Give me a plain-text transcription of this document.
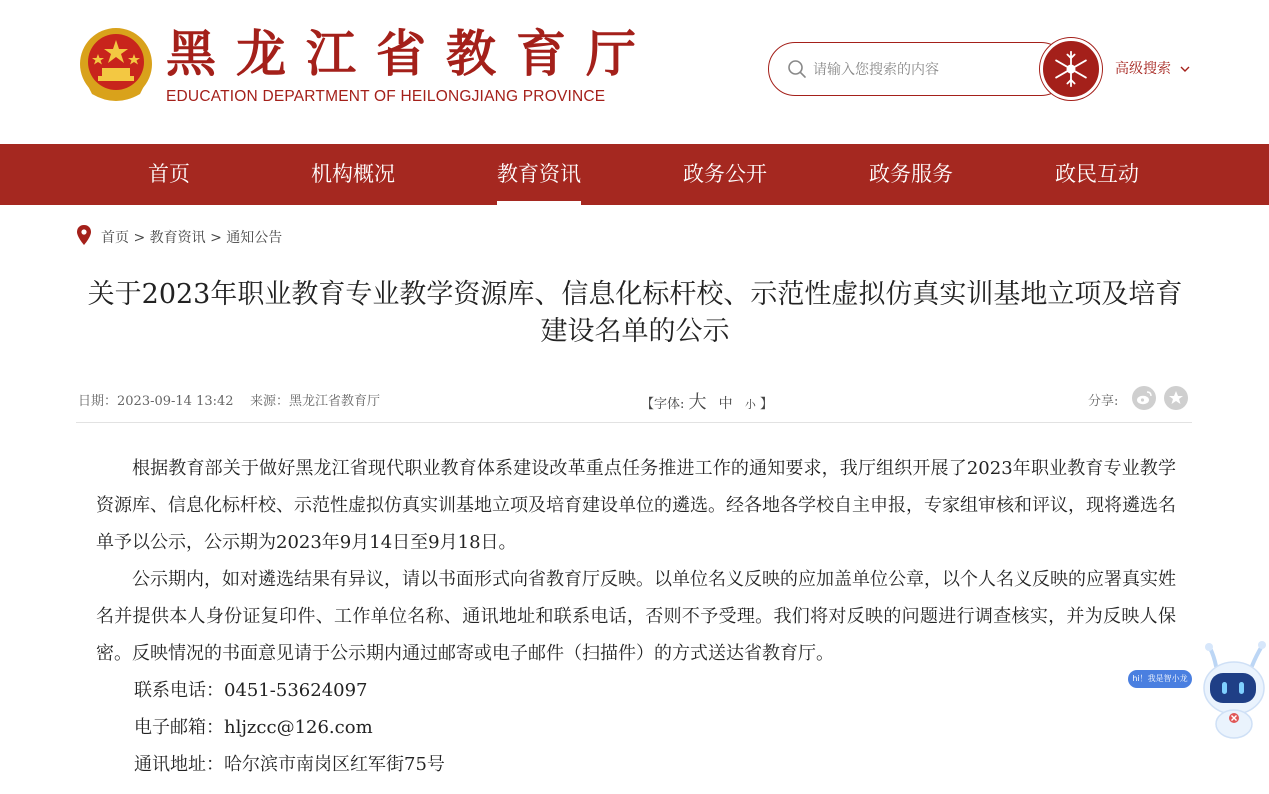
黑龙江省教育厅
EDUCATION DEPARTMENT OF HEILONGJIANG PROVINCE
请输入您搜索的内容
高级搜索
首页	机构概况	教育资讯	政务公开	政务服务	政民互动
首页 > 教育资讯 > 通知公告
关于2023年职业教育专业教学资源库、信息化标杆校、示范性虚拟仿真实训基地立项及培育
建设名单的公示
日期：2023-09-14 13:42 来源：黑龙江省教育厅	【字体: 大 中 小 】	分享:

根据教育部关于做好黑龙江省现代职业教育体系建设改革重点任务推进工作的通知要求，我厅组织开展了2023年职业教育专业教学资源库、信息化标杆校、示范性虚拟仿真实训基地立项及培育建设单位的遴选。经各地各学校自主申报，专家组审核和评议，现将遴选名单予以公示，公示期为2023年9月14日至9月18日。

公示期内，如对遴选结果有异议，请以书面形式向省教育厅反映。以单位名义反映的应加盖单位公章，以个人名义反映的应署真实姓名并提供本人身份证复印件、工作单位名称、通讯地址和联系电话，否则不予受理。我们将对反映的问题进行调查核实，并为反映人保密。反映情况的书面意见请于公示期内通过邮寄或电子邮件（扫描件）的方式送达省教育厅。

联系电话：0451-53624097

电子邮箱：hljzcc@126.com

通讯地址：哈尔滨市南岗区红军街75号

hi！我是智小龙
